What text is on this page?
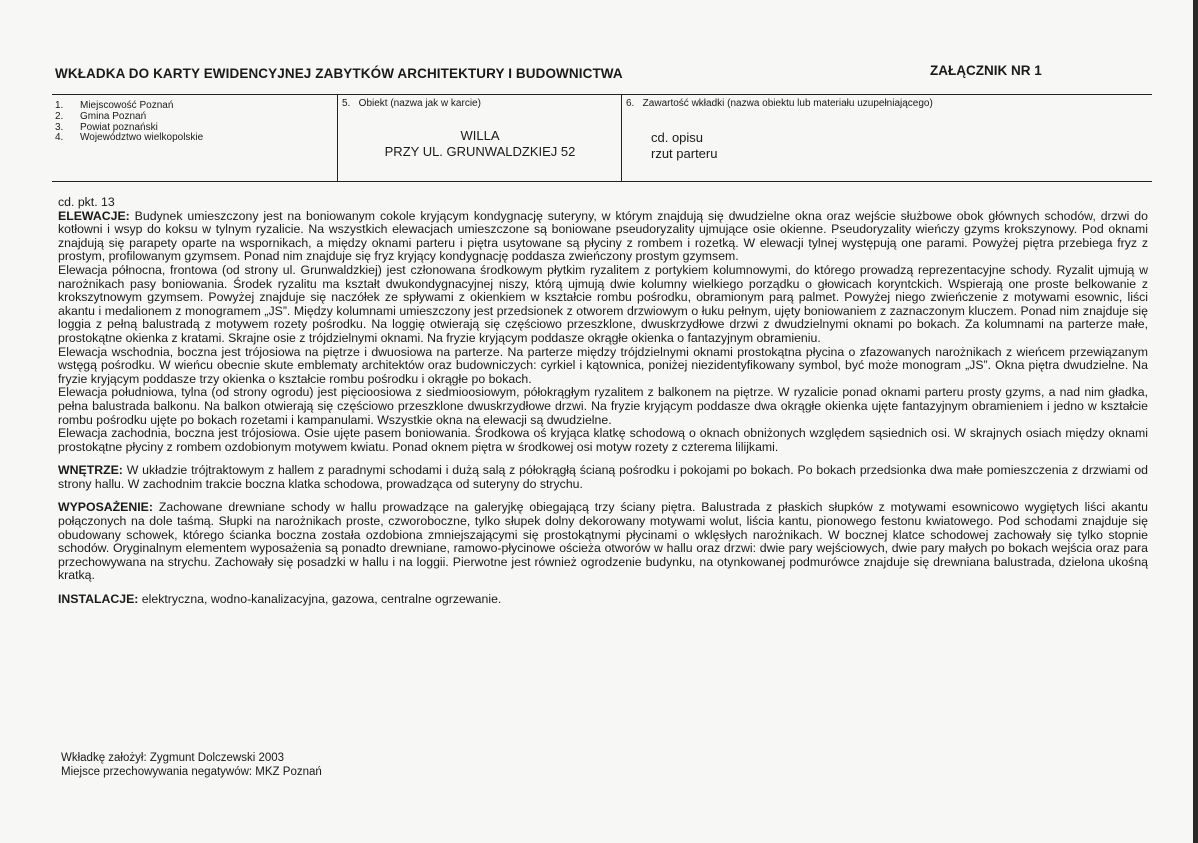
WKŁADKA DO KARTY EWIDENCYJNEJ ZABYTKÓW ARCHITEKTURY I BUDOWNICTWA	ZAŁĄCZNIK NR 1
1. Miejscowość Poznań
2. Gmina Poznań
3. Powiat poznański
4. Województwo wielkopolskie
5.   Obiekt (nazwa jak w karcie)
WILLA
PRZY UL. GRUNWALDZKIEJ 52
6.   Zawartość wkładki (nazwa obiektu lub materiału uzupełniającego)
cd. opisu
rzut parteru

cd. pkt. 13

ELEWACJE: Budynek umieszczony jest na boniowanym cokole kryjącym kondygnację suteryny, w którym znajdują się dwudzielne okna oraz wejście służbowe obok głównych schodów, drzwi do kotłowni i wsyp do koksu w tylnym ryzalicie. Na wszystkich elewacjach umieszczone są boniowane pseudoryzality ujmujące osie okienne. Pseudoryzality wieńczy gzyms krokszynowy. Pod oknami znajdują się parapety oparte na wspornikach, a między oknami parteru i piętra usytowane są płyciny z rombem i rozetką. W elewacji tylnej występują one parami. Powyżej piętra przebiega fryz z prostym, profilowanym gzymsem. Ponad nim znajduje się fryz kryjący kondygnację poddasza zwieńczony prostym gzymsem.

Elewacja północna, frontowa (od strony ul. Grunwaldzkiej) jest członowana środkowym płytkim ryzalitem z portykiem kolumnowymi, do którego prowadzą reprezentacyjne schody. Ryzalit ujmują w narożnikach pasy boniowania. Środek ryzalitu ma kształt dwukondygnacyjnej niszy, którą ujmują dwie kolumny wielkiego porządku o głowicach koryntckich. Wspierają one proste belkowanie z krokszytnowym gzymsem. Powyżej znajduje się naczółek ze spływami z okienkiem w kształcie rombu pośrodku, obramionym parą palmet. Powyżej niego zwieńczenie z motywami esownic, liści akantu i medalionem z monogramem „JS”. Między kolumnami umieszczony jest przedsionek z otworem drzwiowym o łuku pełnym, ujęty boniowaniem z zaznaczonym kluczem. Ponad nim znajduje się loggia z pełną balustradą z motywem rozety pośrodku. Na loggię otwierają się częściowo przeszklone, dwuskrzydłowe drzwi z dwudzielnymi oknami po bokach. Za kolumnami na parterze małe, prostokątne okienka z kratami. Skrajne osie z trójdzielnymi oknami. Na fryzie kryjącym poddasze okrągłe okienka o fantazyjnym obramieniu.

Elewacja wschodnia, boczna jest trójosiowa na piętrze i dwuosiowa na parterze. Na parterze między trójdzielnymi oknami prostokątna płycina o zfazowanych narożnikach z wieńcem przewiązanym wstęgą pośrodku. W wieńcu obecnie skute emblematy architektów oraz budowniczych: cyrkiel i kątownica, poniżej niezidentyfikowany symbol, być może monogram „JS”. Okna piętra dwudzielne. Na fryzie kryjącym poddasze trzy okienka o kształcie rombu pośrodku i okrągłe po bokach.

Elewacja południowa, tylna (od strony ogrodu) jest pięcioosiowa z siedmioosiowym, półokrągłym ryzalitem z balkonem na piętrze. W ryzalicie ponad oknami parteru prosty gzyms, a nad nim gładka, pełna balustrada balkonu. Na balkon otwierają się częściowo przeszklone dwuskrzydłowe drzwi. Na fryzie kryjącym poddasze dwa okrągłe okienka ujęte fantazyjnym obramieniem i jedno w kształcie rombu pośrodku ujęte po bokach rozetami i kampanulami. Wszystkie okna na elewacji są dwudzielne.

Elewacja zachodnia, boczna jest trójosiowa. Osie ujęte pasem boniowania. Środkowa oś kryjąca klatkę schodową o oknach obniżonych względem sąsiednich osi. W skrajnych osiach między oknami prostokątne płyciny z rombem ozdobionym motywem kwiatu. Ponad oknem piętra w środkowej osi motyw rozety z czterema lilijkami.

WNĘTRZE: W układzie trójtraktowym z hallem z paradnymi schodami i dużą salą z półokrągłą ścianą pośrodku i pokojami po bokach. Po bokach przedsionka dwa małe pomieszczenia z drzwiami od strony hallu. W zachodnim trakcie boczna klatka schodowa, prowadząca od suteryny do strychu.

WYPOSAŻENIE: Zachowane drewniane schody w hallu prowadzące na galeryjkę obiegającą trzy ściany piętra. Balustrada z płaskich słupków z motywami esownicowo wygiętych liści akantu połączonych na dole taśmą. Słupki na narożnikach proste, czworoboczne, tylko słupek dolny dekorowany motywami wolut, liścia kantu, pionowego festonu kwiatowego. Pod schodami znajduje się obudowany schowek, którego ścianka boczna została ozdobiona zmniejszającymi się prostokątnymi płycinami o wklęsłych narożnikach. W bocznej klatce schodowej zachowały się tylko stopnie schodów. Oryginalnym elementem wyposażenia są ponadto drewniane, ramowo-płycinowe ościeża otworów w hallu oraz drzwi: dwie pary wejściowych, dwie pary małych po bokach wejścia oraz para przechowywana na strychu. Zachowały się posadzki w hallu i na loggii. Pierwotne jest również ogrodzenie budynku, na otynkowanej podmurówce znajduje się drewniana balustrada, dzielona ukośną kratką.

INSTALACJE: elektryczna, wodno-kanalizacyjna, gazowa, centralne ogrzewanie.

Wkładkę założył: Zygmunt Dolczewski 2003
Miejsce przechowywania negatywów: MKZ Poznań
